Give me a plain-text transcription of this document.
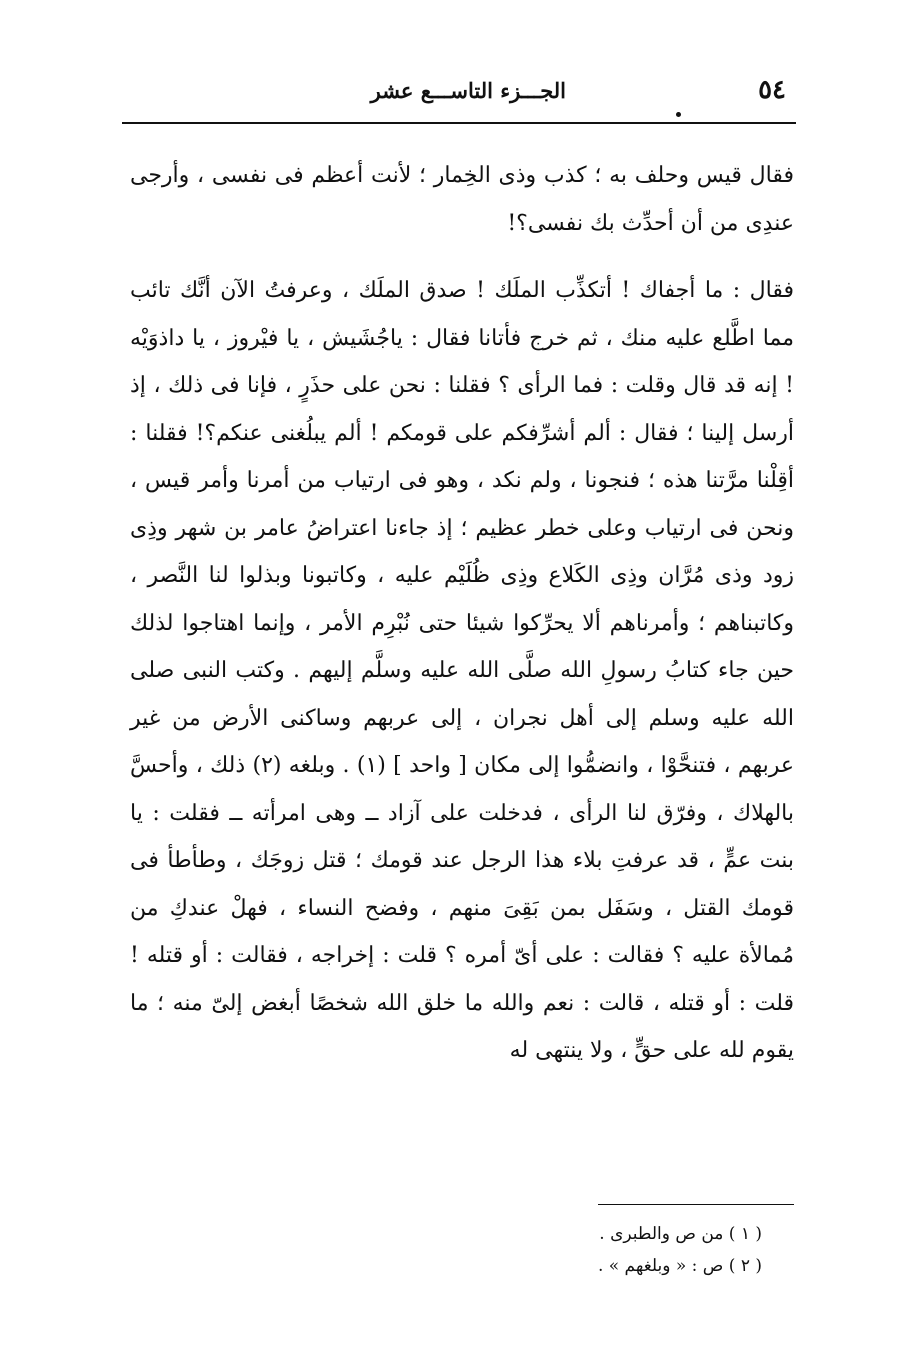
٥٤
الجـــزء التاســـع عشر

فقال قيس وحلف به ؛ كذب وذى الخِمار ؛ لأنت أعظم فى نفسى ، وأرجى عندِى من أن أحدِّث بك نفسى؟!

فقال : ما أجفاك ! أتكذِّب الملَك ! صدق الملَك ، وعرفتُ الآن أنَّك تائب مما اطَّلع عليه منك ، ثم خرج فأتانا فقال : ياجُشَيش ، يا فيْروز ، يا داذوَيْه ! إنه قد قال وقلت : فما الرأى ؟ فقلنا : نحن على حذَرٍ ، فإنا فى ذلك ، إذ أرسل إلينا ؛ فقال : ألم أشرِّفكم على قومكم ! ألم يبلُغنى عنكم؟! فقلنا : أقِلْنا مرَّتنا هذه ؛ فنجونا ، ولم نكد ، وهو فى ارتياب من أمرنا وأمر قيس ، ونحن فى ارتياب وعلى خطر عظيم ؛ إذ جاءنا اعتراضُ عامر بن شهر وذِى زود وذى مُرَّان وذِى الكَلاع وذِى ظُلَيْم عليه ، وكاتبونا وبذلوا لنا النَّصر ، وكاتبناهم ؛ وأمرناهم ألا يحرِّكوا شيئا حتى نُبْرِم الأمر ، وإنما اهتاجوا لذلك حين جاء كتابُ رسولِ الله صلَّى الله عليه وسلَّم إليهم . وكتب النبى صلى الله عليه وسلم إلى أهل نجران ، إلى عربهم وساكنى الأرض من غير عربهم ، فتنحَّوْا ، وانضمُّوا إلى مكان [ واحد ] (١) . وبلغه (٢) ذلك ، وأحسَّ بالهلاك ، وفرّق لنا الرأى ، فدخلت على آزاد ــ وهى امرأته ــ فقلت : يا بنت عمٍّ ، قد عرفتِ بلاء هذا الرجل عند قومك ؛ قتل زوجَك ، وطأطأ فى قومك القتل ، وسَفَل بمن بَقِىَ منهم ، وفضح النساء ، فهلْ عندكِ من مُمالأة عليه ؟ فقالت : على أىّ أمره ؟ قلت : إخراجه ، فقالت : أو قتله ! قلت : أو قتله ، قالت : نعم والله ما خلق الله شخصًا أبغض إلىّ منه ؛ ما يقوم لله على حقٍّ ، ولا ينتهى له

( ١ ) من ص والطبرى .
( ٢ ) ص : « وبلغهم » .
